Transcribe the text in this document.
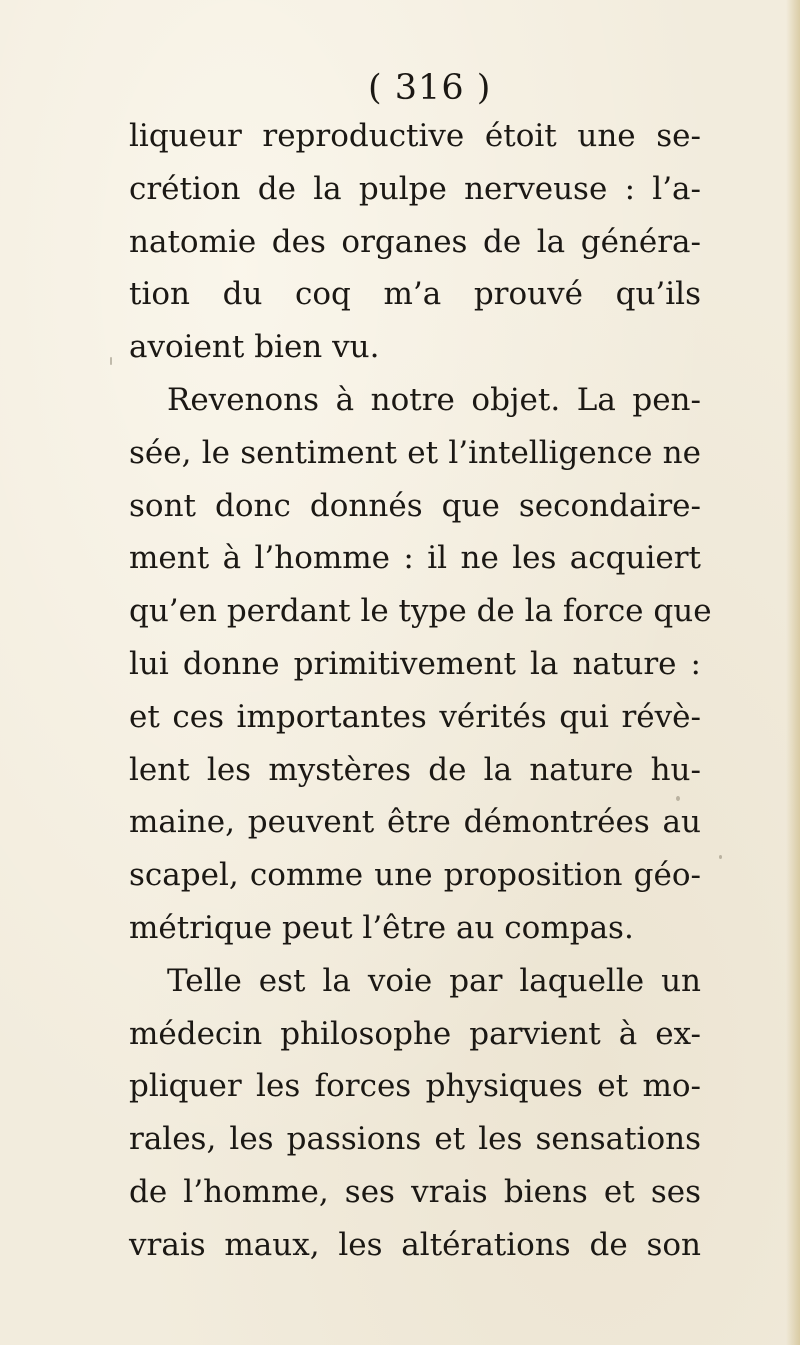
( 316 )
liqueur reproductive étoit une se-
crétion de la pulpe nerveuse : l’a-
natomie des organes de la généra-
tion du coq m’a prouvé qu’ils
avoient bien vu.
Revenons à notre objet. La pen-
sée, le sentiment et l’intelligence ne
sont donc donnés que secondaire-
ment à l’homme : il ne les acquiert
qu’en perdant le type de la force que
lui donne primitivement la nature :
et ces importantes vérités qui révè-
lent les mystères de la nature hu-
maine, peuvent être démontrées au
scapel, comme une proposition géo-
métrique peut l’être au compas.
Telle est la voie par laquelle un
médecin philosophe parvient à ex-
pliquer les forces physiques et mo-
rales, les passions et les sensations
de l’homme, ses vrais biens et ses
vrais maux, les altérations de son
